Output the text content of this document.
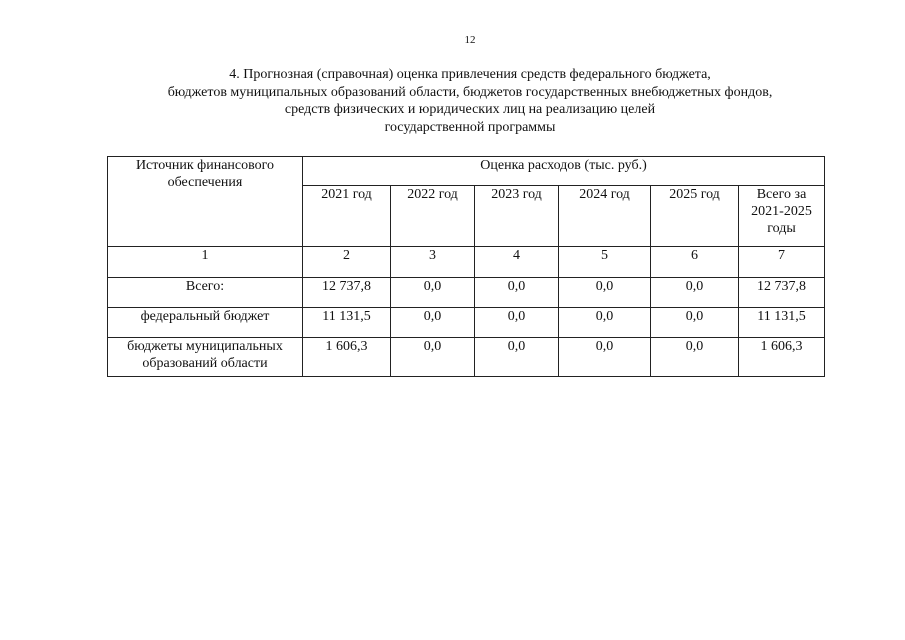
12
4. Прогнозная (справочная) оценка привлечения средств федерального бюджета,
бюджетов муниципальных образований области, бюджетов государственных внебюджетных фондов,
средств физических и юридических лиц на реализацию целей
государственной программы
Источник финансового
обеспечения	Оценка расходов (тыс. руб.)					
	2021 год	2022 год	2023 год	2024 год	2025 год	Всего за
2021-2025
годы

1	2	3	4	5	6	7
Всего:	12 737,8	0,0	0,0	0,0	0,0	12 737,8
федеральный бюджет	11 131,5	0,0	0,0	0,0	0,0	11 131,5

бюджеты муниципальных
образований области	1 606,3	0,0	0,0	0,0	0,0	1 606,3
